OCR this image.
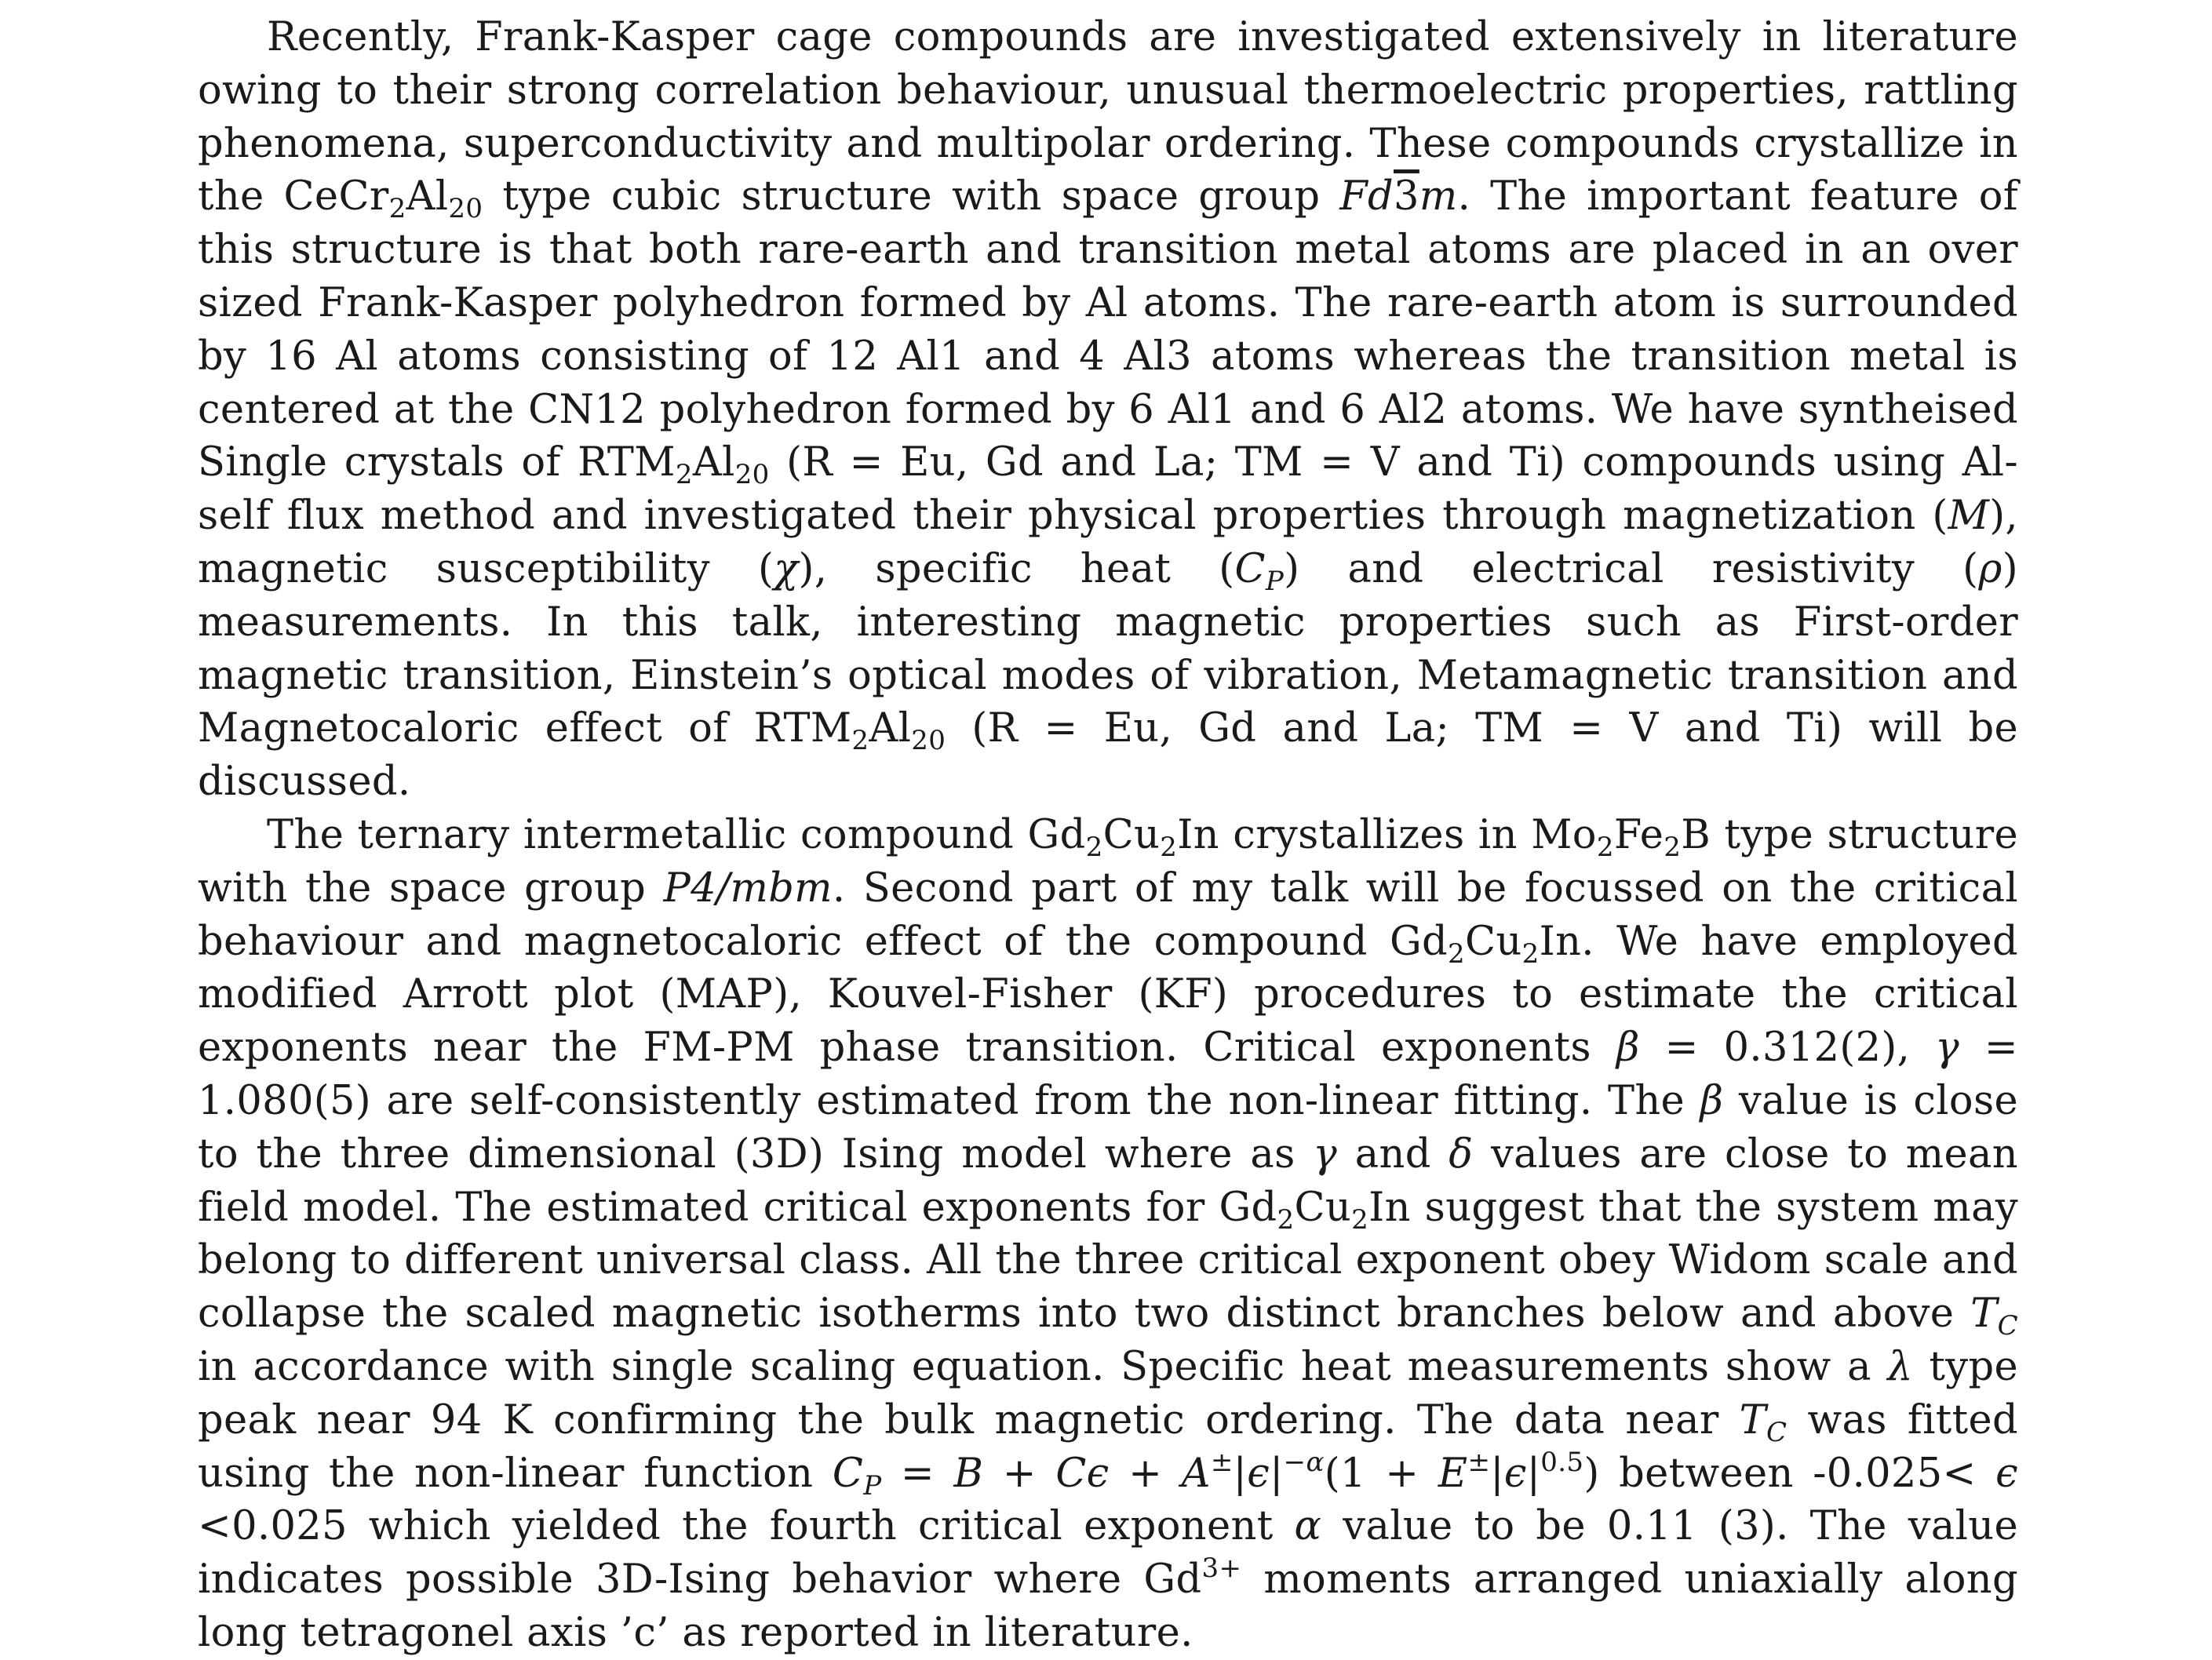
Recently, Frank-Kasper cage compounds are investigated extensively in literature owing to their strong correlation behaviour, unusual thermoelectric properties, rattling phenomena, superconductivity and multipolar ordering. These compounds crystallize in the $CeCr_2Al_{20}$ type cubic structure with space group Fd3m. The important feature of this structure is that both rare-earth and transition metal atoms are placed in an over sized Frank-Kasper polyhedron formed by Al atoms. The rare-earth atom is surrounded by 16 Al atoms consisting of 12 Al1 and 4 Al3 atoms whereas the transition metal is centered at the CN12 polyhedron formed by 6 Al1 and 6 Al2 atoms. We have syntheised Single crystals of $RTM_2Al_{20}$ (R = Eu, Gd and La; TM = V and Ti) compounds using Al-self flux method and investigated their physical properties through magnetization (M), magnetic susceptibility (χ), specific heat $(C_P)$ and electrical resistivity (ρ) measurements. In this talk, interesting magnetic properties such as First-order magnetic transition, Einstein’s optical modes of vibration, Metamagnetic transition and Magnetocaloric effect of $RTM_2Al_{20}$ (R = Eu, Gd and La; TM = V and Ti) will be discussed.

The ternary intermetallic compound $Gd_2Cu_2In$ crystallizes in $Mo_2Fe_2B$ type structure with the space group P4/mbm. Second part of my talk will be focussed on the critical behaviour and magnetocaloric effect of the compound $Gd_2Cu_2In$. We have employed modified Arrott plot (MAP), Kouvel-Fisher (KF) procedures to estimate the critical exponents near the FM-PM phase transition. Critical exponents β = 0.312(2), γ = 1.080(5) are self-consistently estimated from the non-linear fitting. The β value is close to the three dimensional (3D) Ising model where as γ and δ values are close to mean field model. The estimated critical exponents for $Gd_2Cu_2In$ suggest that the system may belong to different universal class. All the three critical exponent obey Widom scale and collapse the scaled magnetic isotherms into two distinct branches below and above $T_C$ in accordance with single scaling equation. Specific heat measurements show a λ type peak near 94 K confirming the bulk magnetic ordering. The data near $T_C$ was fitted using the non-linear function $C_P = B + C\epsilon + A^\pm|\epsilon|^{-\alpha}(1 + E^\pm|\epsilon|^{0.5})$ between -0.025< ϵ <0.025 which yielded the fourth critical exponent α value to be 0.11 (3). The value indicates possible 3D-Ising behavior where $Gd^{3+}$ moments arranged uniaxially along long tetragonel axis ’c’ as reported in literature.
